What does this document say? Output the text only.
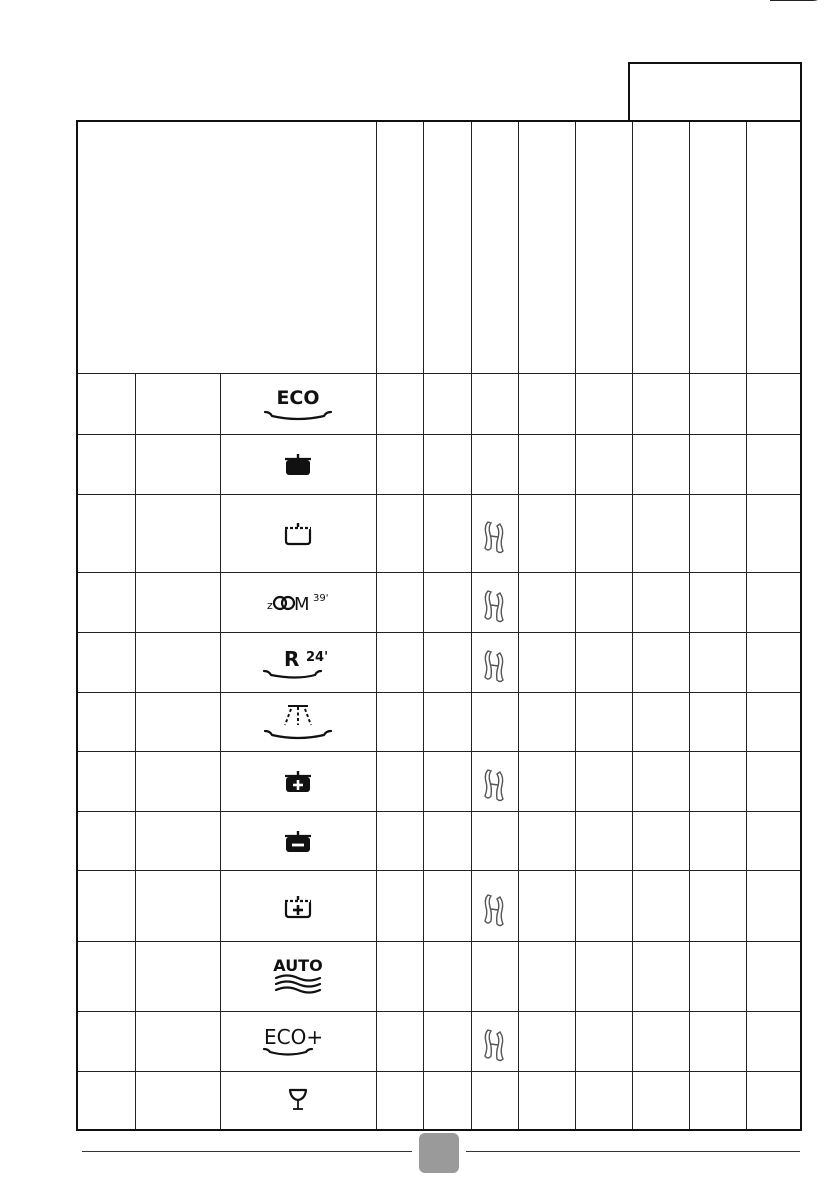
ECO
z M 39'
R 24'
AUTO
ECO+
